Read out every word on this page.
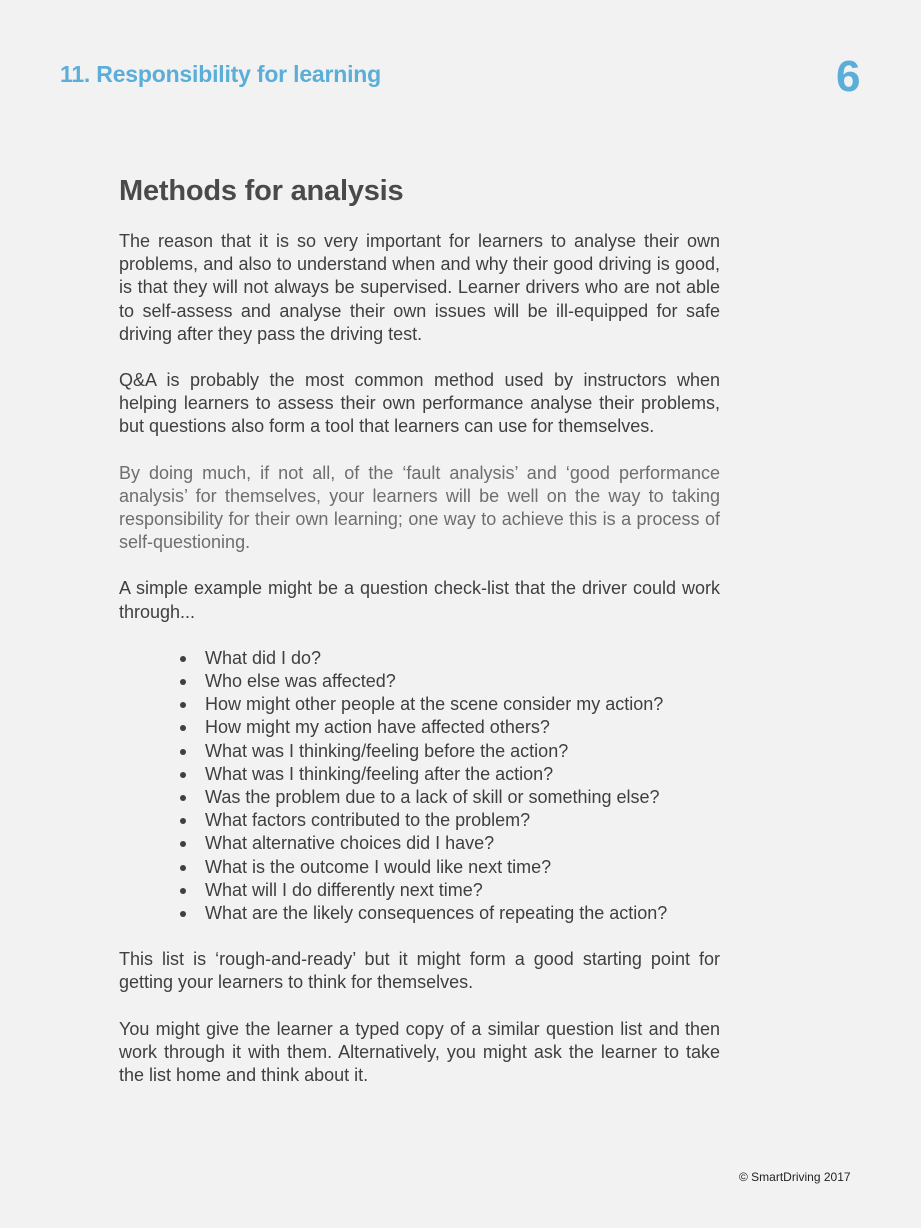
11. Responsibility for learning	6
Methods for analysis

The reason that it is so very important for learners to analyse their own problems, and also to understand when and why their good driving is good, is that they will not always be supervised. Learner drivers who are not able to self-assess and analyse their own issues will be ill-equipped for safe driving after they pass the driving test.

Q&A is probably the most common method used by instructors when helping learners to assess their own performance analyse their problems, but questions also form a tool that learners can use for themselves.

By doing much, if not all, of the ‘fault analysis’ and ‘good performance analysis’ for themselves, your learners will be well on the way to taking responsibility for their own learning; one way to achieve this is a process of self-questioning.

A simple example might be a question check-list that the driver could work through...

What did I do?
Who else was affected?
How might other people at the scene consider my action?
How might my action have affected others?
What was I thinking/feeling before the action?
What was I thinking/feeling after the action?
Was the problem due to a lack of skill or something else?
What factors contributed to the problem?
What alternative choices did I have?
What is the outcome I would like next time?
What will I do differently next time?
What are the likely consequences of repeating the action?

This list is ‘rough-and-ready’ but it might form a good starting point for getting your learners to think for themselves.

You might give the learner a typed copy of a similar question list and then work through it with them. Alternatively, you might ask the learner to take the list home and think about it.

© SmartDriving 2017
